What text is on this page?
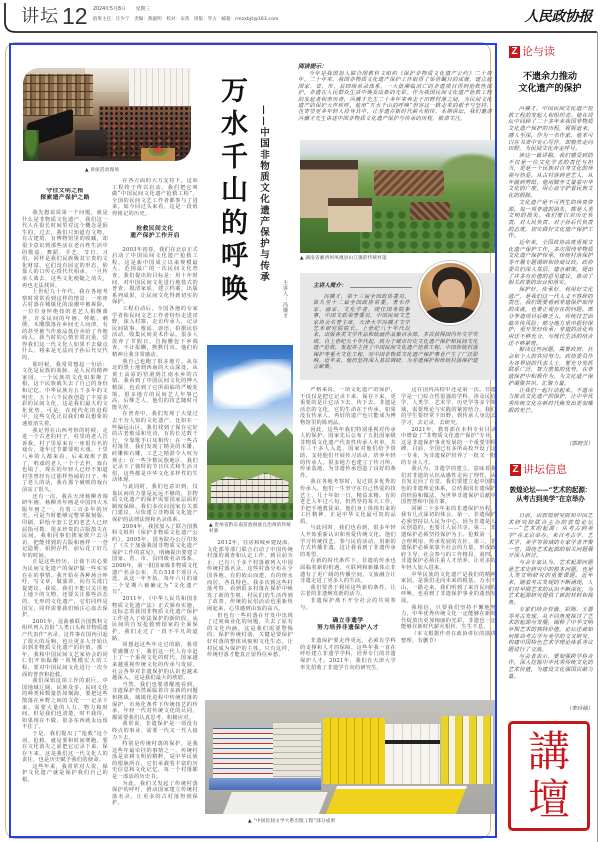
讲坛 12 2024年5月8日 星期三
值班主任：汪少宁　责编：熊毅明　校对：宋茜　排版：罗占　邮箱：rmzxbjt@163.com	人民政协报
▲ 讲座活动现场
守住文明之根
探索遗产保护之路

我先想说说第一个问题，就是什么是非物质文化遗产。我们这一代人在很长时间里对这个概念是陌生的。过去，我们只知道有文物，有古建筑，有博物馆里的收藏，却很少意识到那些活在老百姓生活中的歌谣、舞蹈、手艺、节日、习俗，同样是我们民族极其宝贵的文化财富。它们没有固定的形态，依靠人的口传心授代代相承，一旦传承人离去，这些文化便随之消失，再也无法找回。

上世纪九十年代，我在各地考察时常常看到这样的情景：一座座古村落在城镇化的浪潮中被拆除，一位位身怀绝技的老艺人相继离世，许多民间的年画、剪纸、刺绣、木雕散落在乡间无人问津，有的甚至被当作废品低价卖给了外地商人。我当时的心情非常沉重，觉得我们这一代文化人如果不去做点什么，将来是无法向子孙后代交代的。

那时候，我常常想起一句话：文化是民族的血脉，是人民的精神家园。一个民族的文化如果断了根，这个民族就失去了自己的身份和记忆。中华民族有五千多年的文明史，五十六个民族创造了丰富多彩的民间文化，这是我们最大的文化优势。可是，在现代化的进程中，这些文化正以我们难以想象的速度消失着。

我记得在山西考察的时候，走进一个古老的村子，村里的老人告诉我，村子里原来有一座很有名的戏台，逢年过节都要唱大戏，十里八乡的人都来看。后来戏班子散了，唱戏的老人一个个去世，戏台也塌了，现在的年轻人已经不知道村里曾经有过那样热闹的日子。听了老人的话，我在那个破败的戏台前站了很久。

还有一次，我在天津杨柳青调研年画。杨柳青年画是中国四大木版年画之一，有着三百多年的历史。可是当时能够完整掌握刻版、印刷、彩绘全套工艺的老艺人已经屈指可数，很多珍贵的古版散失在民间。我和同事们挨家挨户去寻访，把能找到的古版和画样一一登记造册、拍照存档，前后花了好几年的时间。

正是这些经历，让我下决心要为民间文化遗产的保护做一些实实在在的事情。我开始在各种场合呼吁，写文章，做演讲，向有关部门提建议。我说，我们不能只关注地上地下的文物，还要关注那些活态的、无形的文化遗产，它们同样是国宝，同样需要我们倾注心血去保护。

2001年，昆曲被联合国教科文组织列入首批“人类口头和非物质遗产代表作”名录，这件事在国内引起了很大的反响，也让更多人开始认识到非物质文化遗产的价值。那一年，我和中国民间文艺家协会的同仁们开始酝酿一项规模宏大的工程，要对中国民间文化进行一次全面的普查和抢救。

我们深知这项工作的艰巨。中国地域辽阔，民族众多，民间文化的种类和数量浩如烟海。要把这些散落在乡野之间的文化一一记录下来，需要大量的人力、物力和时间。但是我们也清楚，时不我待，如果现在不做，很多东西就永远留不住了。

于是，我们提出了“抢救”这个词。抢救，就是要和时间赛跑，要在文化消失之前把它记录下来、保存下来。这是我们这一代文化人的责任，也是历史赋予我们的使命。

这些年来，我常常对人说，保护文化遗产就是保护我们自己的根。

在各方面的大力支持下，这项工程终于得以启动。我们把它叫做“中国民间文化遗产抢救工程”，全国的民间文艺工作者都参与了进来。如今回过头来看，这是一段值得铭记的历史。

抢救民间文化
遗产保护工作开启

2003年初春，我们在北京正式启动了中国民间文化遗产抢救工程。这是新中国成立以来规模最大、范围最广的一次民间文化普查。我们提出的目标是：用十年时间，对中国民间文化进行地毯式的普查，摸清家底，建立档案，出版系列成果，让民间文化得到切实的保护。

工程启动后，全国各地的专家学者和民间文艺工作者纷纷走进田野，深入村寨，走访传承人，记录民间故事、歌谣、谚语，拍摄民俗活动，收集民间美术作品。很多人放弃了节假日，自掏腰包下乡调查，不计报酬，默默付出。他们的精神让我非常感动。

我自己也跑了很多地方。从东北的黑土地到西南的大山深处，从黄土高原的窑洞到江南水乡的古镇，我看到了中国民间文化的博大精深，也看到了它所面临的严峻处境。很多地方的民间艺人年事已高，后继乏人，他们的技艺随时可能失传。

在普查中，我们发现了大量过去不为人知的文化遗产。比如在一些偏远山区，我们找到了保存完好的古老歌谣和史诗，有的长达数千行，全靠歌手口耳相传；在一些古村落里，我们发现了精美的木雕、砖雕和石雕，工艺之精湛令人叹为观止；在一些少数民族地区，我们记录下了独特的节日仪式和生活习俗，这些都是中华文化多样性的生动体现。

与此同时，我们也意识到，仅靠民间的力量是远远不够的，非物质文化遗产的保护需要国家层面的制度保障。我们多次向国家有关部门建议，尽快建立非物质文化遗产保护的法律法规和名录体系。

2004年，我国加入了联合国教科文组织《保护非物质文化遗产公约》。2005年，国务院办公厅印发了《关于加强我国非物质文化遗产保护工作的意见》，明确提出要建立国家、省、市、县四级名录体系。2006年，第一批国家级非物质文化遗产名录公布，共有518个项目入选。从这一年开始，每年六月的第二个星期六被确定为“文化遗产日”。

2011年，《中华人民共和国非物质文化遗产法》正式颁布实施，这标志着我国非物质文化遗产保护工作进入了依法保护的新阶段。从民间的自发抢救到国家的全面保护，我们走过了一段不平凡的道路。

回想起这些年走过的路，我常常感慨万千。我们这一代人有幸赶上了一个重视文化的时代，国家越来越重视传统文化的传承与发展，社会各界对非遗保护的认识也越来越深入。这是我们最大的欣慰。

当然，我们也要清醒地看到，非遗保护仍然面临着许多新的问题和挑战。城镇化进程中传统村落的保护，市场化条件下传统技艺的传承，年轻一代对传统文化的认同，都需要我们认真思考、积极应对。

我常说，非遗保护是一项没有终点的事业，需要一代又一代人接力下去。

特别是传统村落的保护，是我这些年最牵挂的事情之一。传统村落是农耕文明的精粹，是中华民族的根脉所在，它们承载着丰富的历史信息和文化记忆，每一个村落都是一部活的历史书。

为此，我们又发起了传统村落保护的呼吁，推动国家建立传统村落名录，让更多的古村落得到保护。

万水千山的呼唤 ——中国非物质文化遗产保护与传承
主讲人：冯骥才
▲ 贵州省黔东南苗族侗族自治州的传统村寨

2012年，住房和城乡建设部、文化部等部门联合启动了中国传统村落的调查和认定工作，到目前为止，已有八千多个村落被列入中国传统村落名录。这些村落分布在全国各地，有的依山而建，有的傍水而居，各具特色。我多次到这些村落考察，看到很多村落在保护中焕发了新的生机，村民们的生活得到了改善，传统的民俗活动也重新热闹起来，心里感到由衷的高兴。

但也有一些村落在开发中出现了过度商业化的问题，失去了原有的文化内涵，这是我们需要警惕的。保护传统村落，关键是要保护好村落的整体风貌和文化生态，让村民成为保护的主体。只有这样，传统村落才能真正留得住乡愁。

阅读提示：
今年是我国加入联合国教科文组织《保护非物质文化遗产公约》二十周年。二十年来，我国非物质文化遗产保护工作取得了举世瞩目的成就，建立起国家、省、市、县四级名录体系，一大批濒临消亡的非遗项目得到抢救性保护，非遗在人民群众生活中焕发出新的光彩。作为我国民间文化遗产抢救工程的发起者和亲历者，冯骥才先生二十多年来奔走于田野村落之间，为民间文化遗产的保护大声疾呼。他用“万水千山的呼唤”形容这一路走来的艰辛与坚持，也寄望更多年轻人投身其中，让非遗在新时代薪火相传。本期讲坛，我们邀请冯骥才先生讲述中国非物质文化遗产保护与传承的历程，敬请关注。
▲ 湖南省湘西州凤凰县山江镇的传统村落
主讲人简介：
冯骥才，第十三届全国政协委员，第九至十二届全国政协常委，著名作家、画家、文化学者。现任国务院参事，中国文联荣誉委员，中国民间文艺家协会名誉主席，天津大学冯骥才文学艺术研究院院长。上世纪八十年代以来，出版各类文学作品和绘画作品集百余部，多次获得国内外文学奖项。自上世纪九十年代起，致力于城市历史文化遗产保护和民间文化遗产抢救，发起并主持了中国民间文化遗产抢救工程、中国传统村落保护等重大文化工程，对中国非物质文化遗产保护事业产生了广泛影响。近年来，他仍坚持深入基层调研，为非遗保护和传统村落保护建言献策。

严格来说，一项文化遗产的保护，不仅仅是把它记录下来、保存下来，更重要的是让它活下去、传下去。非遗是活态的文化，它的生命在于传承。如果没有传承人，再好的遗产也只能成为博物馆里的陈列品。

因此，这些年我们特别重视对传承人的保护。国家先后公布了五批国家级非物质文化遗产代表性传承人名单，共有三千多人入选。国家对他们给予资助，支持他们开展传习活动，培养年轻的传承人。很多地方也建立了传习所、传承基地，为非遗传承创造了良好的条件。

我在各地考察时，见过很多优秀的传承人。他们一生坚守在自己热爱的技艺上，几十年如一日，精益求精。有的老艺人年过八旬，仍然坚持每天工作，手把手地教徒弟。他们身上体现出来的工匠精神，正是中华文化最可贵的品质。

与此同时，我们也看到，很多年轻人开始重新认识和喜爱传统文化。他们学习传统技艺，参与民俗活动，用新的方式传播非遗，这让我看到了非遗传承的希望。

在新的时代条件下，非遗的传承也面临着新的机遇。互联网和新媒体让非遗有了更广阔的传播空间，文旅融合让非遗走进了更多人的生活。

我们要善于利用这些新的条件，让古老的非遗焕发新的活力。

非遗保护离不开全社会的共同参与。

确立非遗学
努力培养非遗保护人才

非遗保护要走得更远，必须有学科的支撑和人才的保障。这些年我一直在呼吁建立非遗学学科，培养专门的非遗保护人才。2021年，我们在天津大学率先招收了非遗学方向的研究生，

这在国内高校中还是第一次。非遗学是一门综合性很强的学科，涉及民俗学、人类学、艺术学、历史学等多个领域，需要理论与实践的紧密结合。我们的学生要经常下田野，到传承人身边去学习，去记录，去研究。

2021年，教育部在本科专业目录中增设了“非物质文化遗产保护”专业，这是非遗保护事业发展的一个重要里程碑。目前，全国已有多所高校开设了这一专业，为非遗保护培养了一批又一批的专业人才。

我认为，非遗学的建立，意味着我们对非遗的认识从感性走向了理性，从自发走向了自觉。我们要建立起中国特色的非遗理论体系，总结我国非遗保护的经验和做法，为世界非遗保护贡献中国智慧和中国方案。

回顾二十多年来的非遗保护历程，我有几点深切的体会。第一，非遗保护必须坚持以人民为中心，因为非遗是人民创造的，也要让人民共享。第二，非遗保护必须坚持保护为主、抢救第一，合理利用、传承发展的方针。第三，非遗保护必须依靠全社会的力量，形成政府主导、社会参与的工作格局。第四，非遗保护必须注重人才培养，让更多的年轻人加入进来。

中华民族的文化遗产是我们的精神家园，是我们走向未来的根基。万水千山，一路走来，我们听到了来自民间的呼唤，也看到了非遗保护事业的蓬勃发展。

我相信，只要我们坚持不懈地努力，中华优秀传统文化一定能够在新时代绽放出更加绚丽的光彩，非遗也一定能够在新时代薪火相传、生生不息。

（本文根据作者在政协讲坛的演讲整理，有删节）

▲ “中国民间文学大系出版工程”部分成果
Z 论与读
不遗余力推动
文化遗产的保护

冯骥才，中国民间文化遗产抢救工程的发起人和组织者。他在讲坛中回顾了二十多年来我国非物质文化遗产保护的历程，娓娓道来，感人至深。作为一名作家，他本可以在书斋中安心写作，却毅然走向田野，为民间文化奔走呼号。

读这一篇讲稿，我们感受到的不仅是一位文化学者的责任与担当，更是一个民族对自身文化的珍视与热爱。从古村落到老艺人，从年画到剪纸，他用脚步丈量着中华文化的广度，用心血守护着民族文化的根脉。

文化遗产是不可再生的珍贵资源。每一项非遗的消失，都是人类文明的损失。我们要以对历史负责、对人民负责、对子孙后代负责的态度，切实做好文化遗产保护工作。

近年来，全国政协高度重视文化遗产保护工作，多次围绕非物质文化遗产保护传承、传统村落保护等开展专题调研和协商议政。政协委员们深入基层、建言献策，提出了许多有价值的意见建议，推动了相关政策的出台和落实。

保护好、传承好、利用好文化遗产，是我们这一代人义不容辞的责任。我们既要看到非遗保护取得的成就，也要正视存在的问题。部分非遗项目后继乏人，传统技艺面临失传风险；部分地方重申报轻保护，重开发轻传承；非遗的活化利用还不够充分，与现代生活的结合还不够紧密。

解决这些问题，需要政府、社会和个人的共同努力。政协委员作为各界别的代表人士，要充分发挥联系广泛、智力密集的优势，在非遗保护中积极作为，为文化遗产保护凝聚共识、汇聚力量。

让我们一起行动起来，不遗余力推动文化遗产的保护，让中华优秀传统文化在新时代焕发出更加耀眼的光芒。

（郭晓雪）
Z 讲坛信息
敦煌论坛——“艺术的起源：
从考古到美学”在京举办

日前，由敦煌研究院和中国艺术研究院联合主办的敦煌论坛——“艺术的起源：从考古到美学”在北京举办。来自考古学、艺术学、美学等领域的专家学者齐聚一堂，围绕艺术起源的相关问题展开深入研讨。

与会专家认为，艺术起源问题是艺术史研究中的根本问题，也是人类文明研究的重要课题。近年来，随着考古发现的不断涌现，人们对早期艺术的认识不断深化，为艺术起源研究提供了新的材料和视角。

专家们结合岩画、彩陶、玉器等考古发现，从不同角度探讨了艺术的起源与发展，阐释了中华文明早期艺术的独特价值。论坛还就如何推动考古学与美学的交叉研究、构建中国特色艺术学理论体系等议题进行了交流。

与会者表示，要加强跨学科合作，深入挖掘中华优秀传统文化的艺术价值，为建设文化强国贡献力量。

（李玲娣）
講
壇
